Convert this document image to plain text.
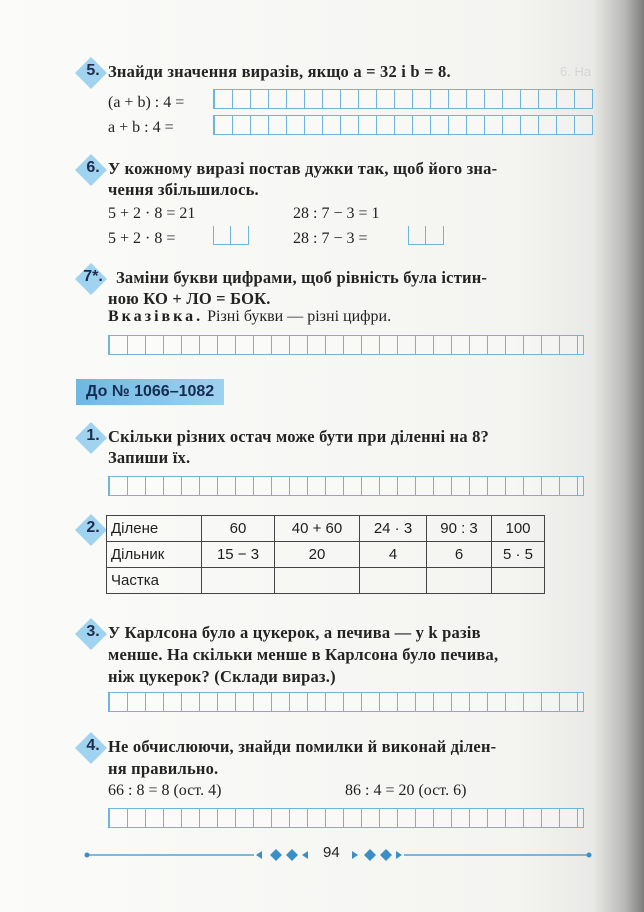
6. На
5. Знайди значення виразів, якщо a = 32 і b = 8.
(a + b) : 4 =
a + b : 4 =
6. У кожному виразі постав дужки так, щоб його зна-
чення збільшилось.
5 + 2 · 8 = 21	28 : 7 − 3 = 1
5 + 2 · 8 =	28 : 7 − 3 =
7*. Заміни букви цифрами, щоб рівність була істин-
ною КО + ЛО = БОК.
Вказівка. Різні букви — різні цифри.
До № 1066–1082
1. Скільки різних остач може бути при діленні на 8?
Запиши їх.
2. Ділене	60	40 + 60	24 · 3	90 : 3	100
Дільник	15 − 3	20	4	6	5 · 5
Частка					
3. У Карлсона було a цукерок, а печива — у k разів
менше. На скільки менше в Карлсона було печива,
ніж цукерок? (Склади вираз.)
4. Не обчислюючи, знайди помилки й виконай ділен-
ня правильно.
66 : 8 = 8 (ост. 4)	86 : 4 = 20 (ост. 6)
94
